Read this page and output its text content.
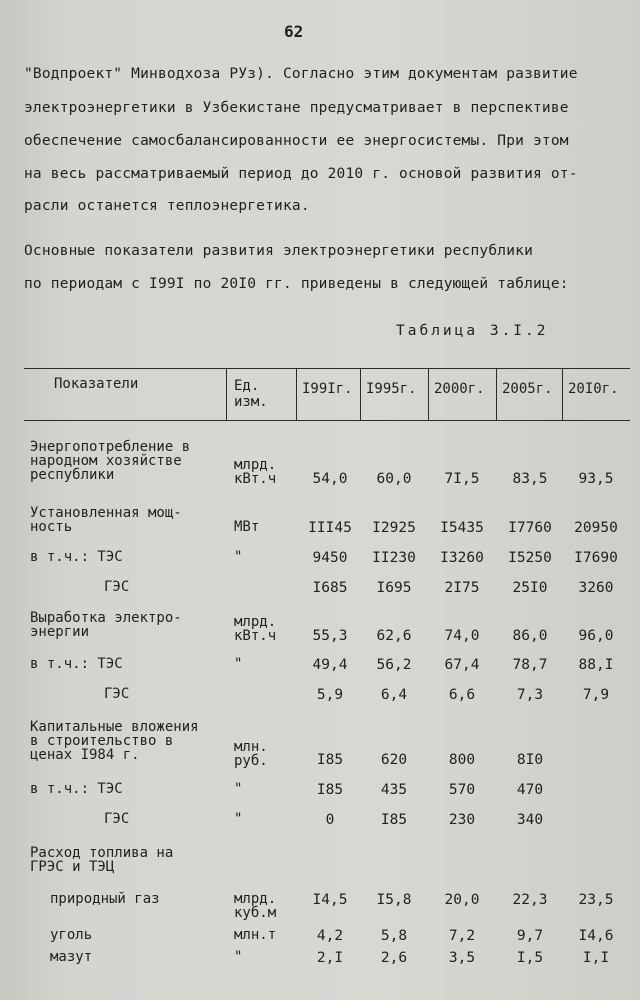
62
"Водпроект" Минводхоза РУз). Согласно этим документам развитие
электроэнергетики в Узбекистане предусматривает в перспективе
обеспечение самосбалансированности ее энергосистемы. При этом
на весь рассматриваемый период до 2010 г. основой развития от-
расли останется теплоэнергетика.
Основные показатели развития электроэнергетики республики
по периодам с I99I по 20I0 гг. приведены в следующей таблице:
Таблица 3.I.2
Показатели	Ед.
изм.
I99Iг. I995г. 2000г. 2005г. 20I0г.
Энергопотребление в
народном хозяйстве
республики
млрд.
кВт.ч	54,0	60,0	7I,5	83,5	93,5
Установленная мощ-
ность	МВт	III45	I2925	I5435	I7760	20950
в т.ч.: ТЭС	"	9450	II230	I3260	I5250	I7690
ГЭС	I685	I695	2I75	25I0	3260
Выработка электро-
энергии
млрд.
кВт.ч	55,3	62,6	74,0	86,0	96,0
в т.ч.: ТЭС	"	49,4	56,2	67,4	78,7	88,I
ГЭС	5,9	6,4	6,6	7,3	7,9
Капитальные вложения
в строительство в
ценах I984 г.	млн.
руб.	I85	620	800	8I0
в т.ч.: ТЭС	"	I85	435	570	470
ГЭС	"	0	I85	230	340
Расход топлива на
ГРЭС и ТЭЦ
природный газ	млрд.
куб.м
I4,5	I5,8	20,0	22,3	23,5
уголь	млн.т	4,2	5,8	7,2	9,7	I4,6
мазут	"	2,I	2,6	3,5	I,5	I,I
